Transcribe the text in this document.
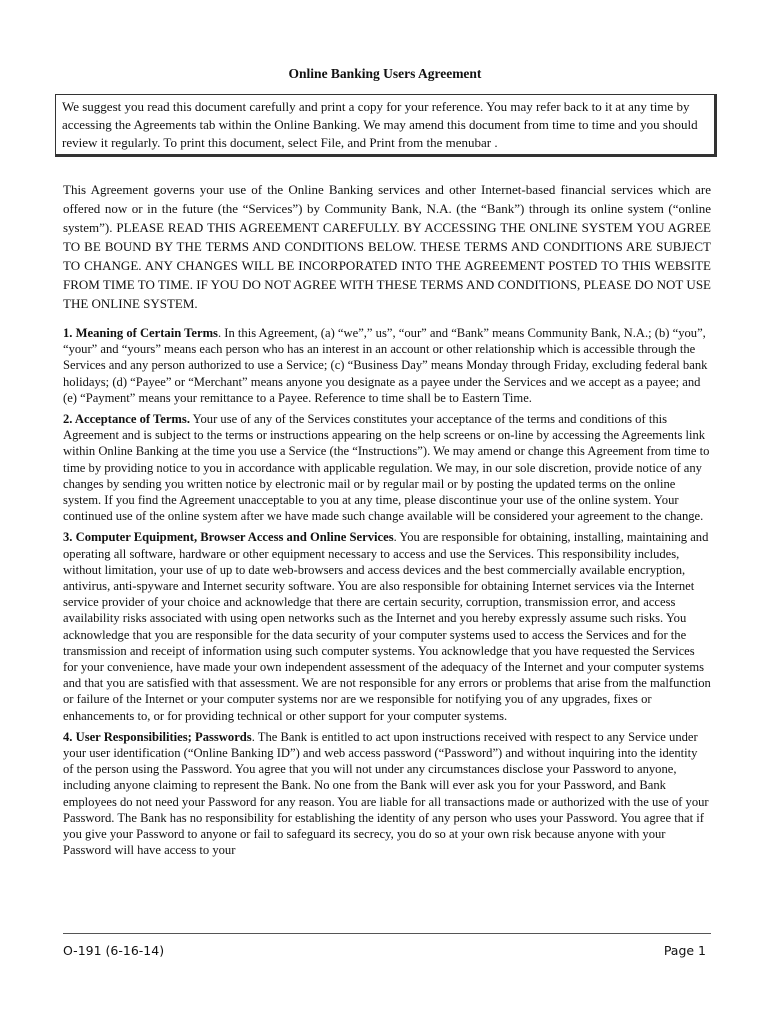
Online Banking Users Agreement
We suggest you read this document carefully and print a copy for your reference. You may refer back to it at any time by accessing the Agreements tab within the Online Banking. We may amend this document from time to time and you should review it regularly. To print this document, select File, and Print from the menubar .
This Agreement governs your use of the Online Banking services and other Internet-based financial services which are offered now or in the future (the “Services”) by Community Bank, N.A. (the “Bank”) through its online system (“online system”). PLEASE READ THIS AGREEMENT CAREFULLY. BY ACCESSING THE ONLINE SYSTEM YOU AGREE TO BE BOUND BY THE TERMS AND CONDITIONS BELOW. THESE TERMS AND CONDITIONS ARE SUBJECT TO CHANGE. ANY CHANGES WILL BE INCORPORATED INTO THE AGREEMENT POSTED TO THIS WEBSITE FROM TIME TO TIME. IF YOU DO NOT AGREE WITH THESE TERMS AND CONDITIONS, PLEASE DO NOT USE THE ONLINE SYSTEM.
1. Meaning of Certain Terms. In this Agreement, (a) “we”,” us”, “our” and “Bank” means Community Bank, N.A.; (b) “you”, “your” and “yours” means each person who has an interest in an account or other relationship which is accessible through the Services and any person authorized to use a Service; (c) “Business Day” means Monday through Friday, excluding federal bank holidays; (d) “Payee” or “Merchant” means anyone you designate as a payee under the Services and we accept as a payee; and (e) “Payment” means your remittance to a Payee. Reference to time shall be to Eastern Time.
2. Acceptance of Terms. Your use of any of the Services constitutes your acceptance of the terms and conditions of this Agreement and is subject to the terms or instructions appearing on the help screens or on-line by accessing the Agreements link within Online Banking at the time you use a Service (the “Instructions”). We may amend or change this Agreement from time to time by providing notice to you in accordance with applicable regulation. We may, in our sole discretion, provide notice of any changes by sending you written notice by electronic mail or by regular mail or by posting the updated terms on the online system. If you find the Agreement unacceptable to you at any time, please discontinue your use of the online system. Your continued use of the online system after we have made such change available will be considered your agreement to the change.
3. Computer Equipment, Browser Access and Online Services. You are responsible for obtaining, installing, maintaining and operating all software, hardware or other equipment necessary to access and use the Services. This responsibility includes, without limitation, your use of up to date web-browsers and access devices and the best commercially available encryption, antivirus, anti-spyware and Internet security software. You are also responsible for obtaining Internet services via the Internet service provider of your choice and acknowledge that there are certain security, corruption, transmission error, and access availability risks associated with using open networks such as the Internet and you hereby expressly assume such risks. You acknowledge that you are responsible for the data security of your computer systems used to access the Services and for the transmission and receipt of information using such computer systems. You acknowledge that you have requested the Services for your convenience, have made your own independent assessment of the adequacy of the Internet and your computer systems and that you are satisfied with that assessment. We are not responsible for any errors or problems that arise from the malfunction or failure of the Internet or your computer systems nor are we responsible for notifying you of any upgrades, fixes or enhancements to, or for providing technical or other support for your computer systems.
4. User Responsibilities; Passwords. The Bank is entitled to act upon instructions received with respect to any Service under your user identification (“Online Banking ID”) and web access password (“Password”) and without inquiring into the identity of the person using the Password. You agree that you will not under any circumstances disclose your Password to anyone, including anyone claiming to represent the Bank. No one from the Bank will ever ask you for your Password, and Bank employees do not need your Password for any reason. You are liable for all transactions made or authorized with the use of your Password. The Bank has no responsibility for establishing the identity of any person who uses your Password. You agree that if you give your Password to anyone or fail to safeguard its secrecy, you do so at your own risk because anyone with your Password will have access to your
O-191 (6-16-14)	Page 1
